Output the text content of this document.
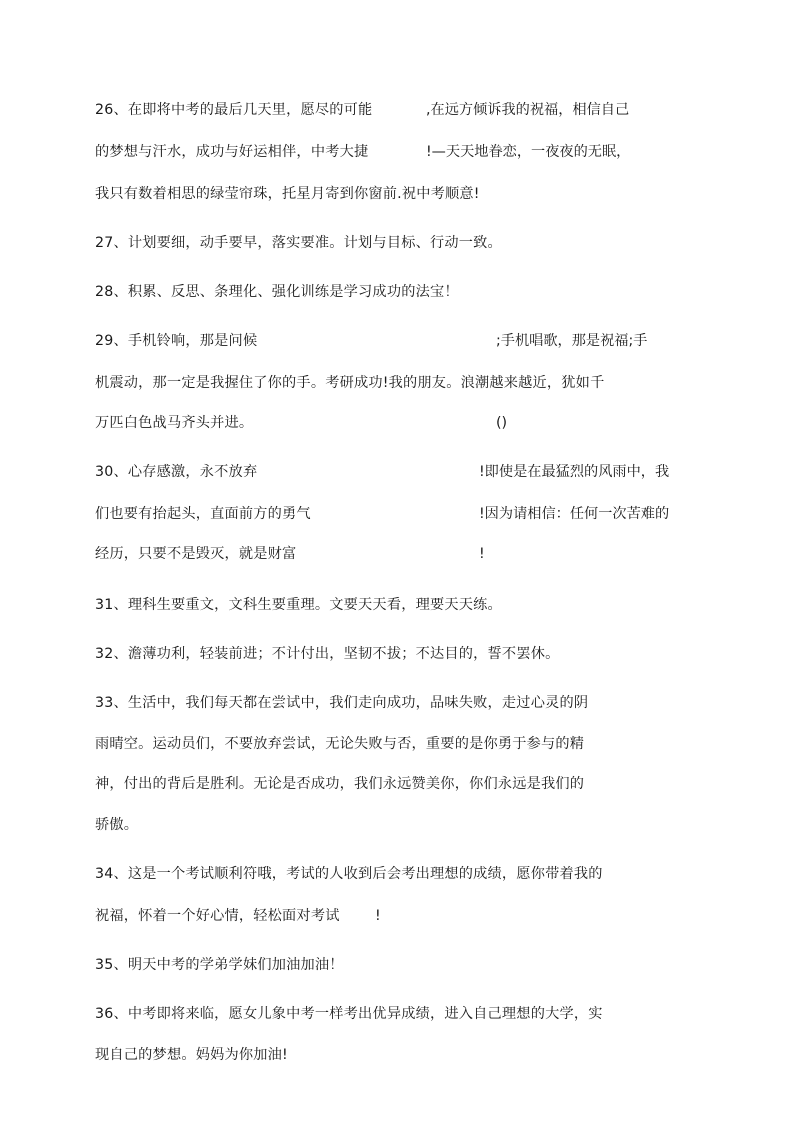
26、在即将中考的最后几天里，愿尽的可能	,在远方倾诉我的祝福，相信自己
的梦想与汗水，成功与好运相伴，中考大捷	!—天天地眷恋，一夜夜的无眠，
我只有数着相思的绿莹帘珠，托星月寄到你窗前.祝中考顺意!
27、计划要细，动手要早，落实要准。计划与目标、行动一致。
28、积累、反思、条理化、强化训练是学习成功的法宝！
29、手机铃响，那是问候	;手机唱歌，那是祝福;手
机震动，那一定是我握住了你的手。考研成功!我的朋友。浪潮越来越近，犹如千
万匹白色战马齐头并进。	()
30、心存感激，永不放弃	!即使是在最猛烈的风雨中，我
们也要有抬起头，直面前方的勇气	!因为请相信：任何一次苦难的
经历，只要不是毁灭，就是财富	!
31、理科生要重文，文科生要重理。文要天天看，理要天天练。
32、澹薄功利，轻装前进；不计付出，坚韧不拔；不达目的，誓不罢休。
33、生活中，我们每天都在尝试中，我们走向成功，品味失败，走过心灵的阴
雨晴空。运动员们，不要放弃尝试，无论失败与否，重要的是你勇于参与的精
神，付出的背后是胜利。无论是否成功，我们永远赞美你，你们永远是我们的
骄傲。
34、这是一个考试顺利符哦，考试的人收到后会考出理想的成绩，愿你带着我的
祝福，怀着一个好心情，轻松面对考试 !
35、明天中考的学弟学妹们加油加油！
36、中考即将来临，愿女儿象中考一样考出优异成绩，进入自己理想的大学，实
现自己的梦想。妈妈为你加油!
